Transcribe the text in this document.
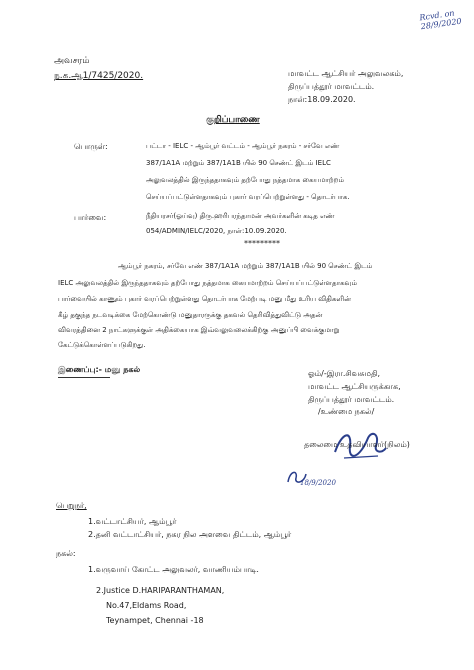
Rcvd. on 28/9/2020
அவசரம்
ந.க.ஆ1/7425/2020.	மாவட்ட ஆட்சியர் அலுவலகம்,
திருப்பத்தூர் மாவட்டம்.
நாள்:18.09.2020.
குறிப்பாணை
பொருள்:	பட்டா - IELC - ஆம்பூர் வட்டம் - ஆம்பூர் நகரம் - சர்வே எண்
387/1A1A மற்றும் 387/1A1B யில் 90 செண்ட் இடம் IELC
அலுவலத்தில் இருந்ததாகவும் தற்போது நத்தமாக கையமாற்றம்
செய்யப்பட்டுள்ளதாகவும் புகார் வரப்பெற்றுள்ளது - தொடர்பாக.
பார்வை:	நீதியரசர்(ஓய்வு) திரு.ஹரிபரந்தாமன் அவர்களின் கடித எண்
054/ADMIN/IELC/2020, நாள்:10.09.2020.
*********
ஆம்பூர் நகரம், சர்வே எண் 387/1A1A மற்றும் 387/1A1B யில் 90 செண்ட் இடம்
IELC அலுவலத்தில் இருந்ததாகவும் தற்போது நத்தமாக கையமாற்றம் செய்யப்பட்டுள்ளதாகவும்
பார்வையில் காணும் புகார் வரப்பெற்றுள்ளது தொடர்பாக மேற்படி மனு மீது உரிய விதிகளின்
கீழ் தகுந்த நடவடிக்கை மேற்கொண்டு மனுதாரருக்கு தகவல் தெரிவித்துவிட்டு அதன்
விவரத்தினை 2 நாட்களுக்குள் அதிக்கையாக இவ்வலுவலைக்கிற்கு அனுப்பி வைக்குமாறு
கேட்டுக்கொள்ளப்படுகிறது.
இணைப்பு:- மனு நகல்	ஓம்/-இரா.சிவசுமதி,
மாவட்ட ஆட்சியருக்காக,
திருப்பத்தூர் மாவட்டம்.
/உண்மை நகல்/
தலைமை உதவியாளர்(நிலம்)
18/9/2020
பெறுநர்,
1.வட்டாட்சியர், ஆம்பூர்
2.தனி வட்டாட்சியர், நகர நில அளவை திட்டம், ஆம்பூர்
நகல்:
1.வருவாய் கோட்ட அலுவலர், வாணியம்பாடி.
2.Justice D.HARIPARANTHAMAN,
No.47,Eldams Road,
Teynampet, Chennai -18
